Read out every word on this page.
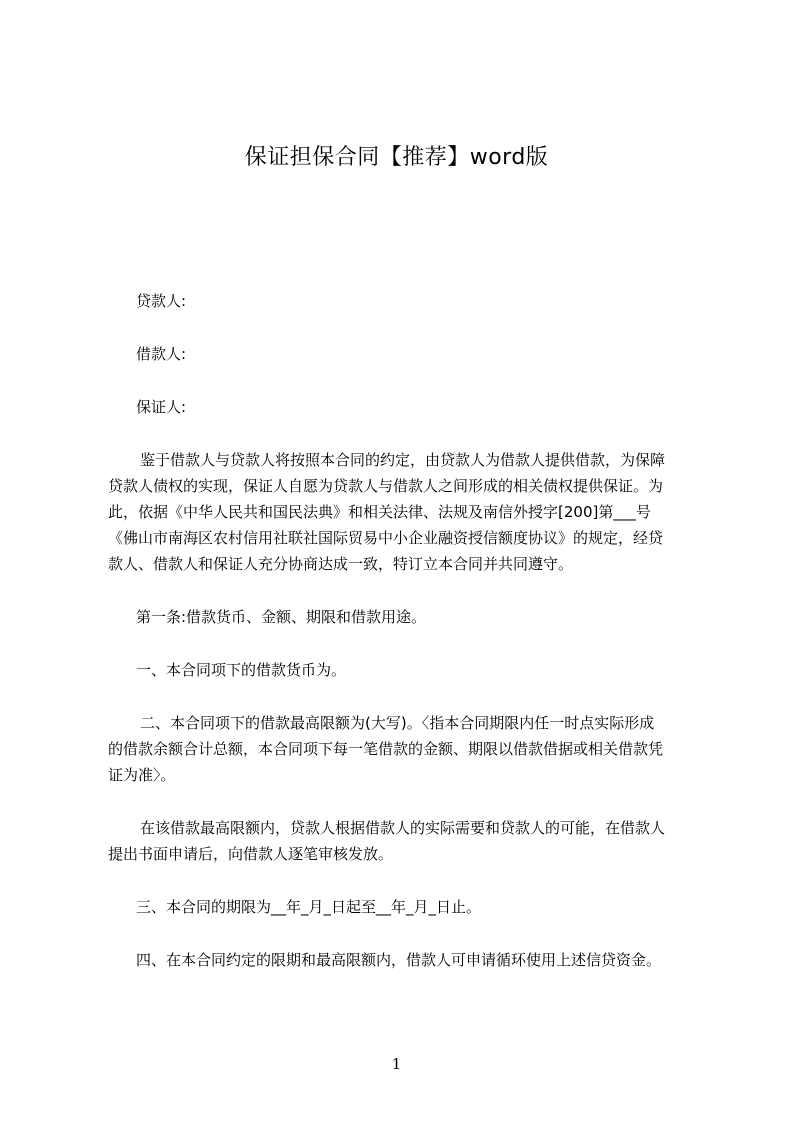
保证担保合同【推荐】word版
贷款人:
借款人:
保证人:
鉴于借款人与贷款人将按照本合同的约定，由贷款人为借款人提供借款，为保障
贷款人债权的实现，保证人自愿为贷款人与借款人之间形成的相关债权提供保证。为
此，依据《中华人民共和国民法典》和相关法律、法规及南信外授字[200]第___号
《佛山市南海区农村信用社联社国际贸易中小企业融资授信额度协议》的规定，经贷
款人、借款人和保证人充分协商达成一致，特订立本合同并共同遵守。
第一条:借款货币、金额、期限和借款用途。
一、本合同项下的借款货币为。
二、本合同项下的借款最高限额为(大写)。〈指本合同期限内任一时点实际形成
的借款余额合计总额，本合同项下每一笔借款的金额、期限以借款借据或相关借款凭
证为准〉。
在该借款最高限额内，贷款人根据借款人的实际需要和贷款人的可能，在借款人
提出书面申请后，向借款人逐笔审核发放。
三、本合同的期限为__年_月_日起至__年_月_日止。
四、在本合同约定的限期和最高限额内，借款人可申请循环使用上述信贷资金。
1
